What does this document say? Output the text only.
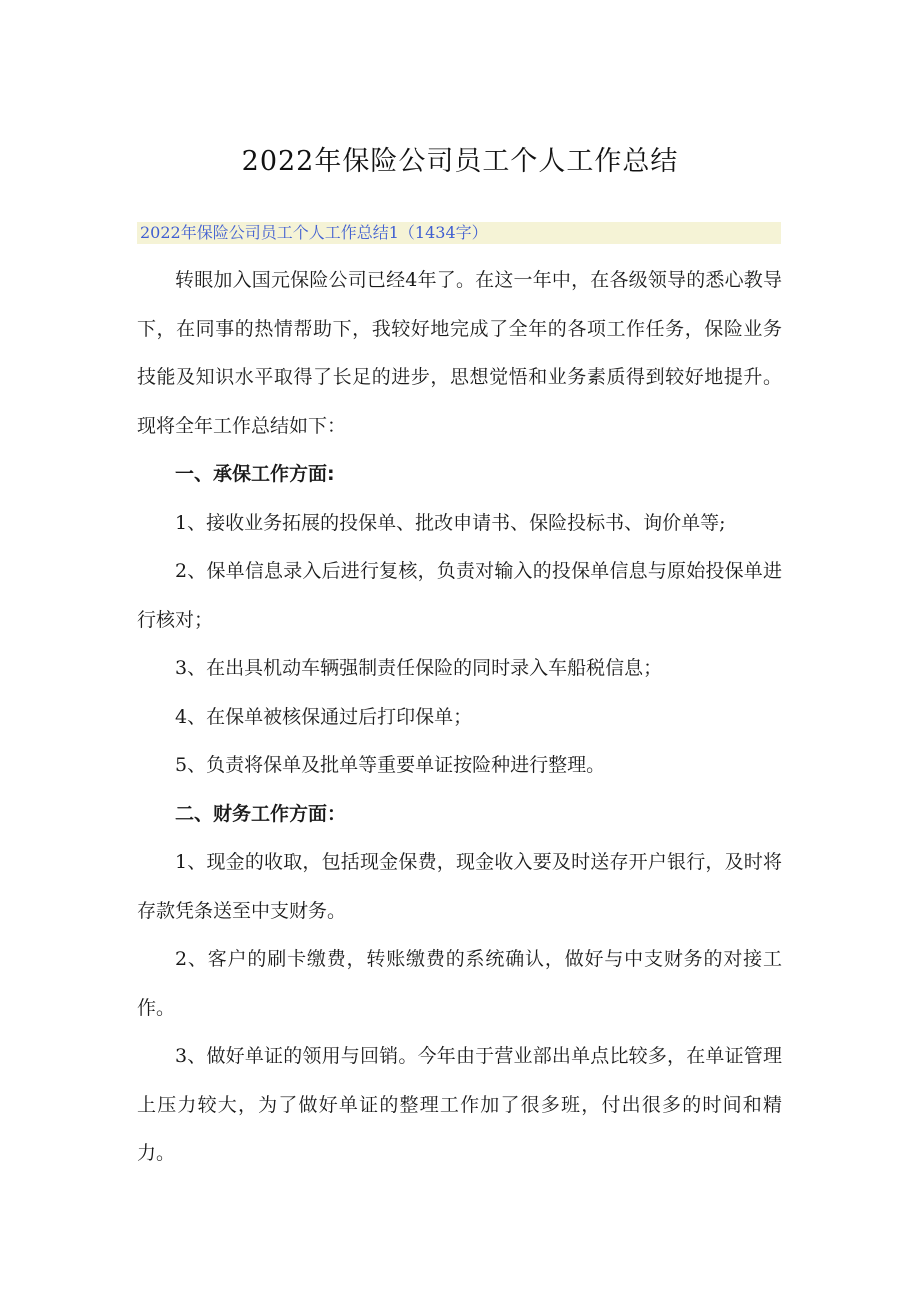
2022年保险公司员工个人工作总结
2022年保险公司员工个人工作总结1（1434字）

转眼加入国元保险公司已经4年了。在这一年中，在各级领导的悉心教导下，在同事的热情帮助下，我较好地完成了全年的各项工作任务，保险业务技能及知识水平取得了长足的进步，思想觉悟和业务素质得到较好地提升。现将全年工作总结如下：

一、承保工作方面:

1、接收业务拓展的投保单、批改申请书、保险投标书、询价单等;

2、保单信息录入后进行复核，负责对输入的投保单信息与原始投保单进行核对；

3、在出具机动车辆强制责任保险的同时录入车船税信息；

4、在保单被核保通过后打印保单；

5、负责将保单及批单等重要单证按险种进行整理。

二、财务工作方面：

1、现金的收取，包括现金保费，现金收入要及时送存开户银行，及时将存款凭条送至中支财务。

2、客户的刷卡缴费，转账缴费的系统确认，做好与中支财务的对接工作。

3、做好单证的领用与回销。今年由于营业部出单点比较多，在单证管理上压力较大，为了做好单证的整理工作加了很多班，付出很多的时间和精力。
